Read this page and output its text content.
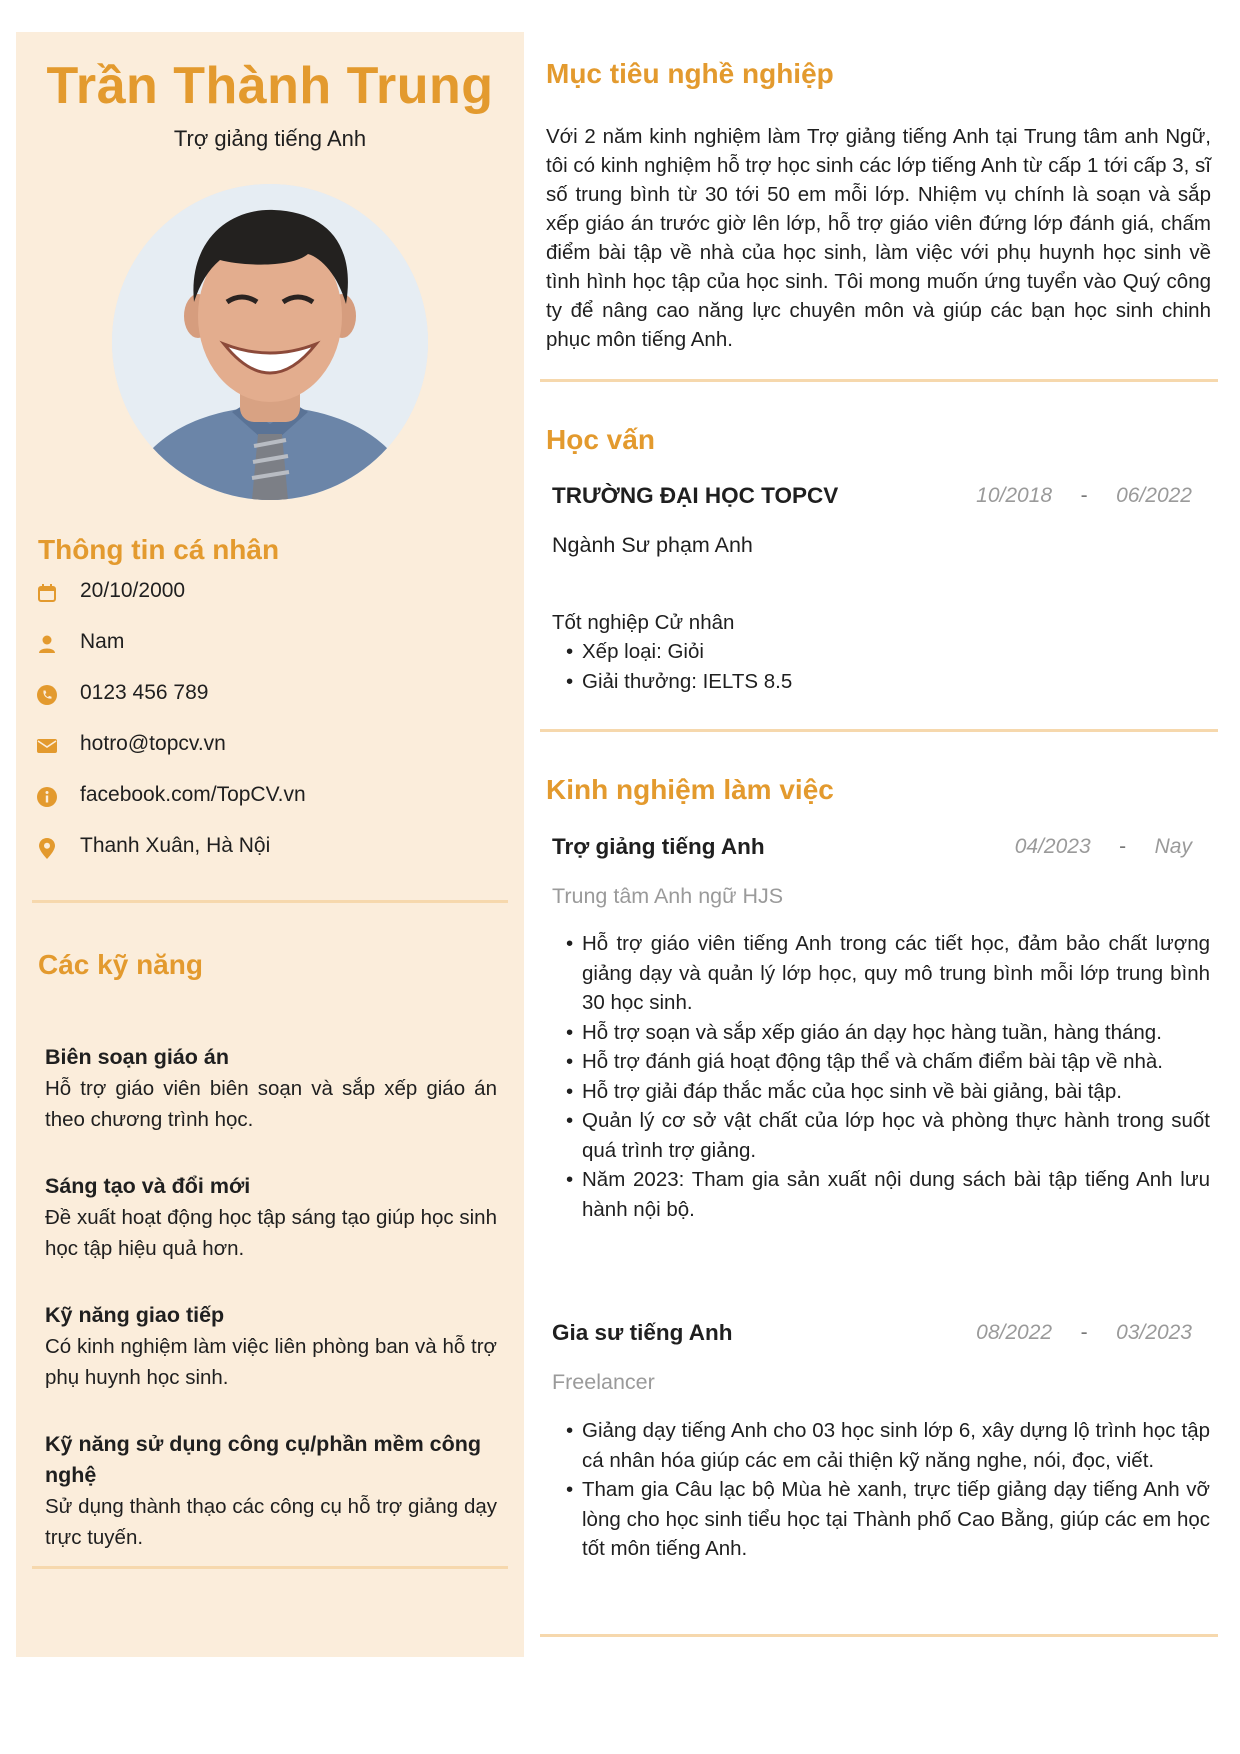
Trần Thành Trung
Trợ giảng tiếng Anh
Thông tin cá nhân
20/10/2000
Nam
0123 456 789
hotro@topcv.vn
facebook.com/TopCV.vn
Thanh Xuân, Hà Nội
Các kỹ năng
Biên soạn giáo án
Hỗ trợ giáo viên biên soạn và sắp xếp giáo án theo chương trình học.
Sáng tạo và đổi mới
Đề xuất hoạt động học tập sáng tạo giúp học sinh học tập hiệu quả hơn.
Kỹ năng giao tiếp
Có kinh nghiệm làm việc liên phòng ban và hỗ trợ phụ huynh học sinh.
Kỹ năng sử dụng công cụ/phần mềm công nghệ
Sử dụng thành thạo các công cụ hỗ trợ giảng dạy trực tuyến.
Mục tiêu nghề nghiệp
Với 2 năm kinh nghiệm làm Trợ giảng tiếng Anh tại Trung tâm anh Ngữ, tôi có kinh nghiệm hỗ trợ học sinh các lớp tiếng Anh từ cấp 1 tới cấp 3, sĩ số trung bình từ 30 tới 50 em mỗi lớp. Nhiệm vụ chính là soạn và sắp xếp giáo án trước giờ lên lớp, hỗ trợ giáo viên đứng lớp đánh giá, chấm điểm bài tập về nhà của học sinh, làm việc với phụ huynh học sinh về tình hình học tập của học sinh. Tôi mong muốn ứng tuyển vào Quý công ty để nâng cao năng lực chuyên môn và giúp các bạn học sinh chinh phục môn tiếng Anh.
Học vấn
TRƯỜNG ĐẠI HỌC TOPCV	10/2018	-	06/2022
Ngành Sư phạm Anh
Tốt nghiệp Cử nhân
• Xếp loại: Giỏi
• Giải thưởng: IELTS 8.5
Kinh nghiệm làm việc
Trợ giảng tiếng Anh	04/2023	-	Nay
Trung tâm Anh ngữ HJS
• Hỗ trợ giáo viên tiếng Anh trong các tiết học, đảm bảo chất lượng giảng dạy và quản lý lớp học, quy mô trung bình mỗi lớp trung bình 30 học sinh.
• Hỗ trợ soạn và sắp xếp giáo án dạy học hàng tuần, hàng tháng.
• Hỗ trợ đánh giá hoạt động tập thể và chấm điểm bài tập về nhà.
• Hỗ trợ giải đáp thắc mắc của học sinh về bài giảng, bài tập.
• Quản lý cơ sở vật chất của lớp học và phòng thực hành trong suốt quá trình trợ giảng.
• Năm 2023: Tham gia sản xuất nội dung sách bài tập tiếng Anh lưu hành nội bộ.
Gia sư tiếng Anh	08/2022	-	03/2023
Freelancer
• Giảng dạy tiếng Anh cho 03 học sinh lớp 6, xây dựng lộ trình học tập cá nhân hóa giúp các em cải thiện kỹ năng nghe, nói, đọc, viết.
• Tham gia Câu lạc bộ Mùa hè xanh, trực tiếp giảng dạy tiếng Anh vỡ lòng cho học sinh tiểu học tại Thành phố Cao Bằng, giúp các em học tốt môn tiếng Anh.
